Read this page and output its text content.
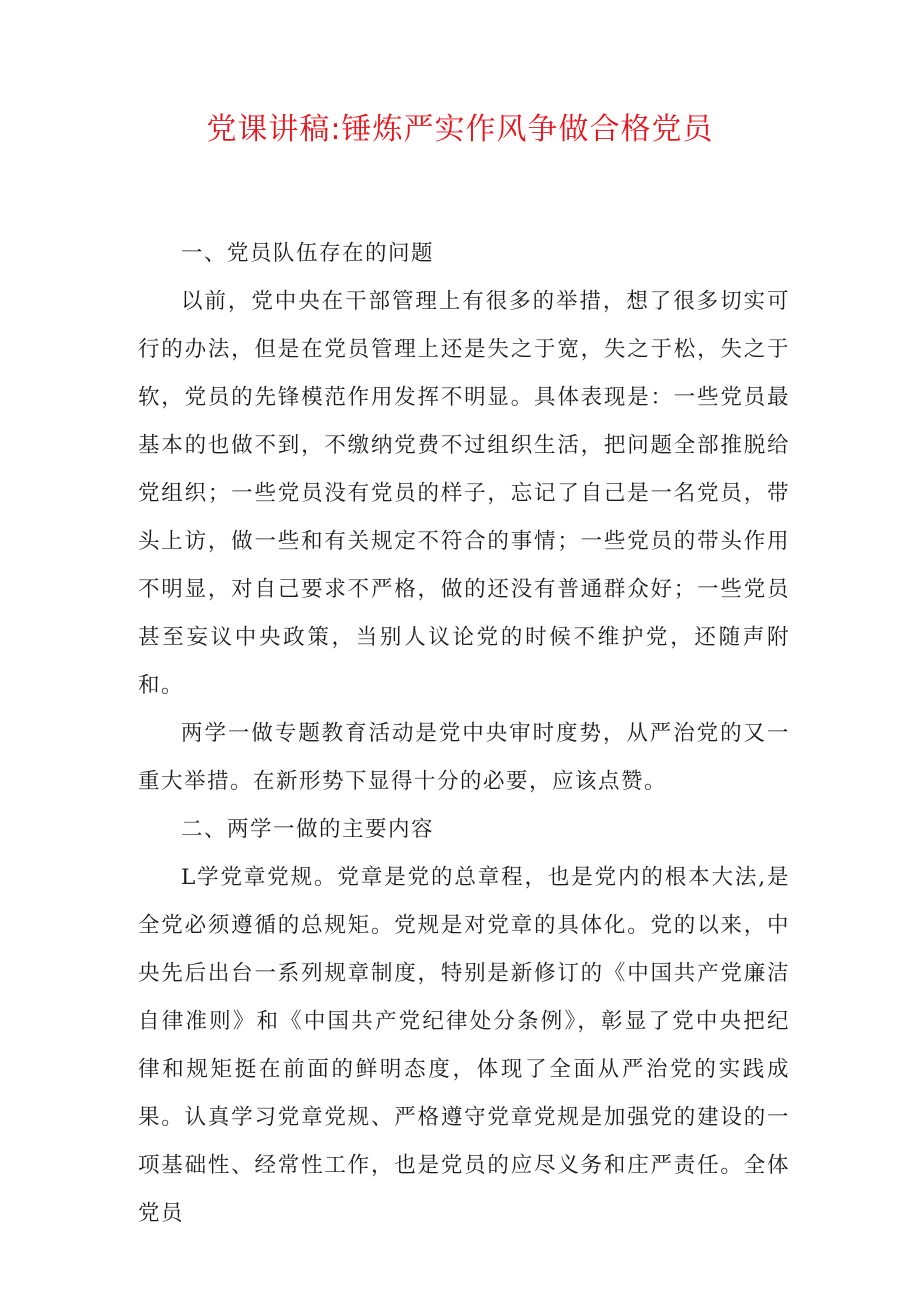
党课讲稿:锤炼严实作风争做合格党员

一、党员队伍存在的问题

以前，党中央在干部管理上有很多的举措，想了很多切实可行的办法，但是在党员管理上还是失之于宽，失之于松，失之于软，党员的先锋模范作用发挥不明显。具体表现是：一些党员最基本的也做不到，不缴纳党费不过组织生活，把问题全部推脱给党组织；一些党员没有党员的样子，忘记了自己是一名党员，带头上访，做一些和有关规定不符合的事情；一些党员的带头作用不明显，对自己要求不严格，做的还没有普通群众好；一些党员甚至妄议中央政策，当别人议论党的时候不维护党，还随声附和。

两学一做专题教育活动是党中央审时度势，从严治党的又一重大举措。在新形势下显得十分的必要，应该点赞。

二、两学一做的主要内容

L学党章党规。党章是党的总章程，也是党内的根本大法,是全党必须遵循的总规矩。党规是对党章的具体化。党的以来，中央先后出台一系列规章制度，特别是新修订的《中国共产党廉洁自律准则》和《中国共产党纪律处分条例》，彰显了党中央把纪律和规矩挺在前面的鲜明态度，体现了全面从严治党的实践成果。认真学习党章党规、严格遵守党章党规是加强党的建设的一项基础性、经常性工作，也是党员的应尽义务和庄严责任。全体党员
